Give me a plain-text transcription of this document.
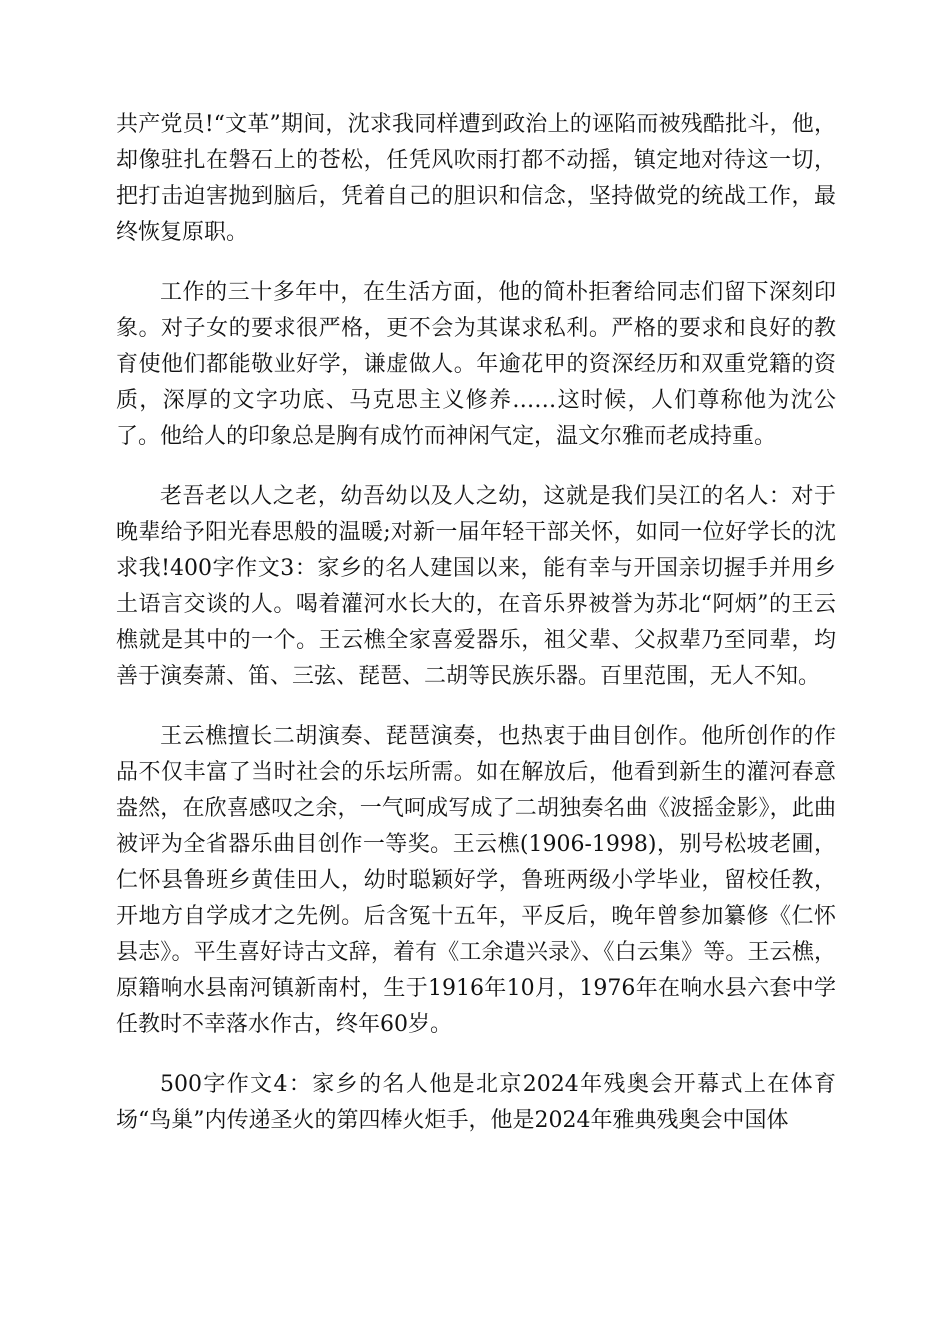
共产党员!“文革”期间，沈求我同样遭到政治上的诬陷而被残酷批斗，他，却像驻扎在磐石上的苍松，任凭风吹雨打都不动摇，镇定地对待这一切，把打击迫害抛到脑后，凭着自己的胆识和信念，坚持做党的统战工作，最终恢复原职。

工作的三十多年中，在生活方面，他的简朴拒奢给同志们留下深刻印象。对子女的要求很严格，更不会为其谋求私利。严格的要求和良好的教育使他们都能敬业好学，谦虚做人。年逾花甲的资深经历和双重党籍的资质，深厚的文字功底、马克思主义修养……这时候，人们尊称他为沈公了。他给人的印象总是胸有成竹而神闲气定，温文尔雅而老成持重。

老吾老以人之老，幼吾幼以及人之幼，这就是我们吴江的名人：对于晚辈给予阳光春思般的温暖;对新一届年轻干部关怀，如同一位好学长的沈求我!400字作文3：家乡的名人建国以来，能有幸与开国亲切握手并用乡土语言交谈的人。喝着灌河水长大的，在音乐界被誉为苏北“阿炳”的王云樵就是其中的一个。王云樵全家喜爱器乐，祖父辈、父叔辈乃至同辈，均善于演奏萧、笛、三弦、琵琶、二胡等民族乐器。百里范围，无人不知。

王云樵擅长二胡演奏、琵琶演奏，也热衷于曲目创作。他所创作的作品不仅丰富了当时社会的乐坛所需。如在解放后，他看到新生的灌河春意盎然，在欣喜感叹之余，一气呵成写成了二胡独奏名曲《波摇金影》，此曲被评为全省器乐曲目创作一等奖。王云樵(1906-1998)，别号松坡老圃，仁怀县鲁班乡黄佳田人，幼时聪颖好学，鲁班两级小学毕业，留校任教，开地方自学成才之先例。后含冤十五年，平反后，晚年曾参加纂修《仁怀县志》。平生喜好诗古文辞，着有《工余遣兴录》、《白云集》等。王云樵，原籍响水县南河镇新南村，生于1916年10月，1976年在响水县六套中学任教时不幸落水作古，终年60岁。

500字作文4：家乡的名人他是北京2024年残奥会开幕式上在体育场“鸟巢”内传递圣火的第四棒火炬手，他是2024年雅典残奥会中国体
